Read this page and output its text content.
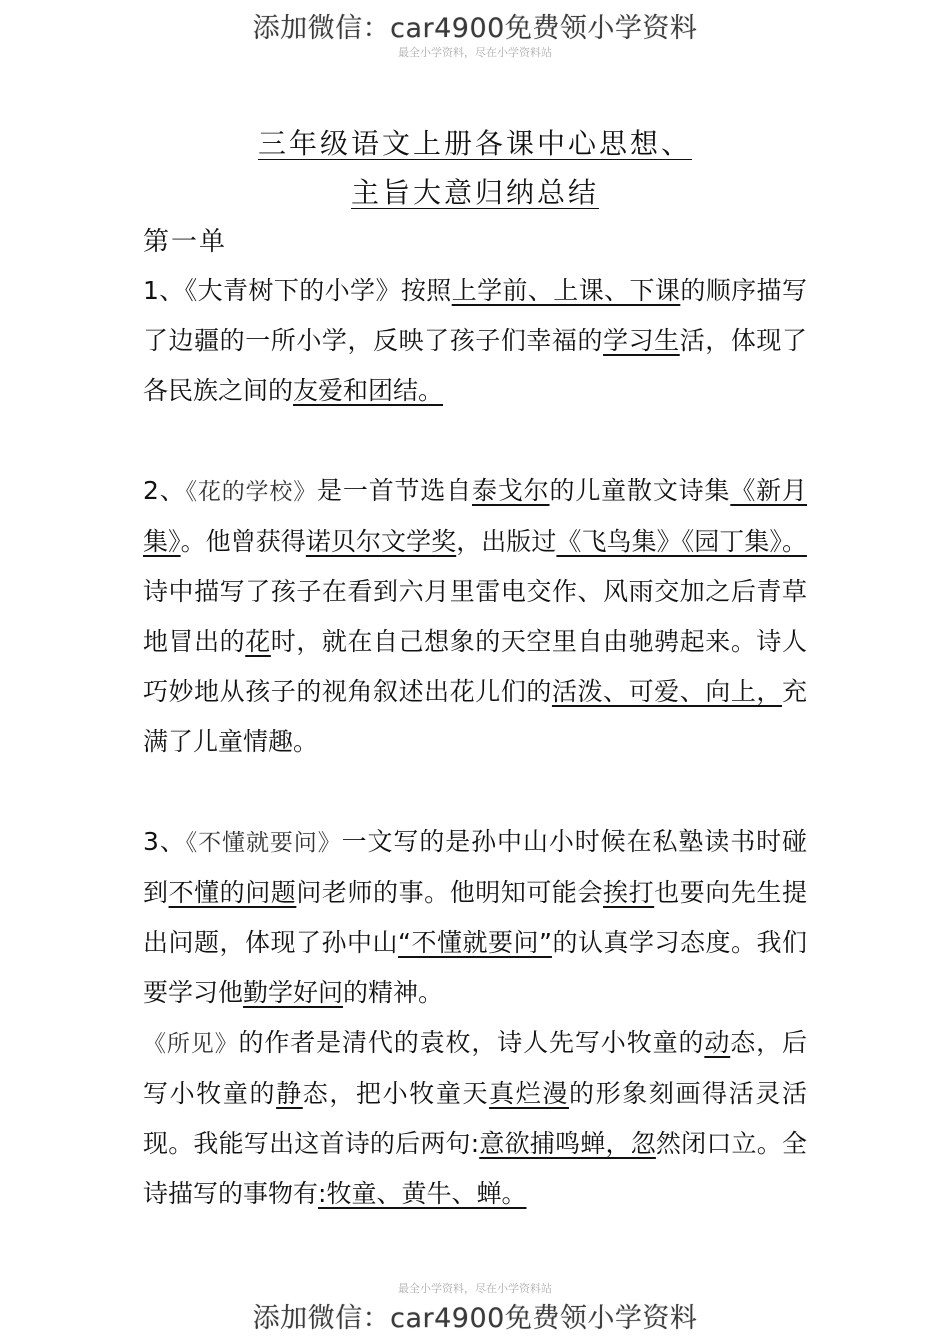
添加微信：car4900免费领小学资料
最全小学资料，尽在小学资料站
三年级语文上册各课中心思想、
主旨大意归纳总结
第一单

1、《大青树下的小学》按照上学前、上课、下课的顺序描写了边疆的一所小学，反映了孩子们幸福的学习生活，体现了各民族之间的友爱和团结。

2、《花的学校》是一首节选自泰戈尔的儿童散文诗集《新月集》。他曾获得诺贝尔文学奖，出版过《飞鸟集》《园丁集》。诗中描写了孩子在看到六月里雷电交作、风雨交加之后青草地冒出的花时，就在自己想象的天空里自由驰骋起来。诗人巧妙地从孩子的视角叙述出花儿们的活泼、可爱、向上，充满了儿童情趣。

3、《不懂就要问》一文写的是孙中山小时候在私塾读书时碰到不懂的问题问老师的事。他明知可能会挨打也要向先生提出问题，体现了孙中山“不懂就要问”的认真学习态度。我们要学习他勤学好问的精神。

《所见》的作者是清代的袁枚，诗人先写小牧童的动态，后写小牧童的静态，把小牧童天真烂漫的形象刻画得活灵活现。我能写出这首诗的后两句:意欲捕鸣蝉，忽然闭口立。全诗描写的事物有:牧童、黄牛、蝉。

最全小学资料，尽在小学资料站
添加微信：car4900免费领小学资料
